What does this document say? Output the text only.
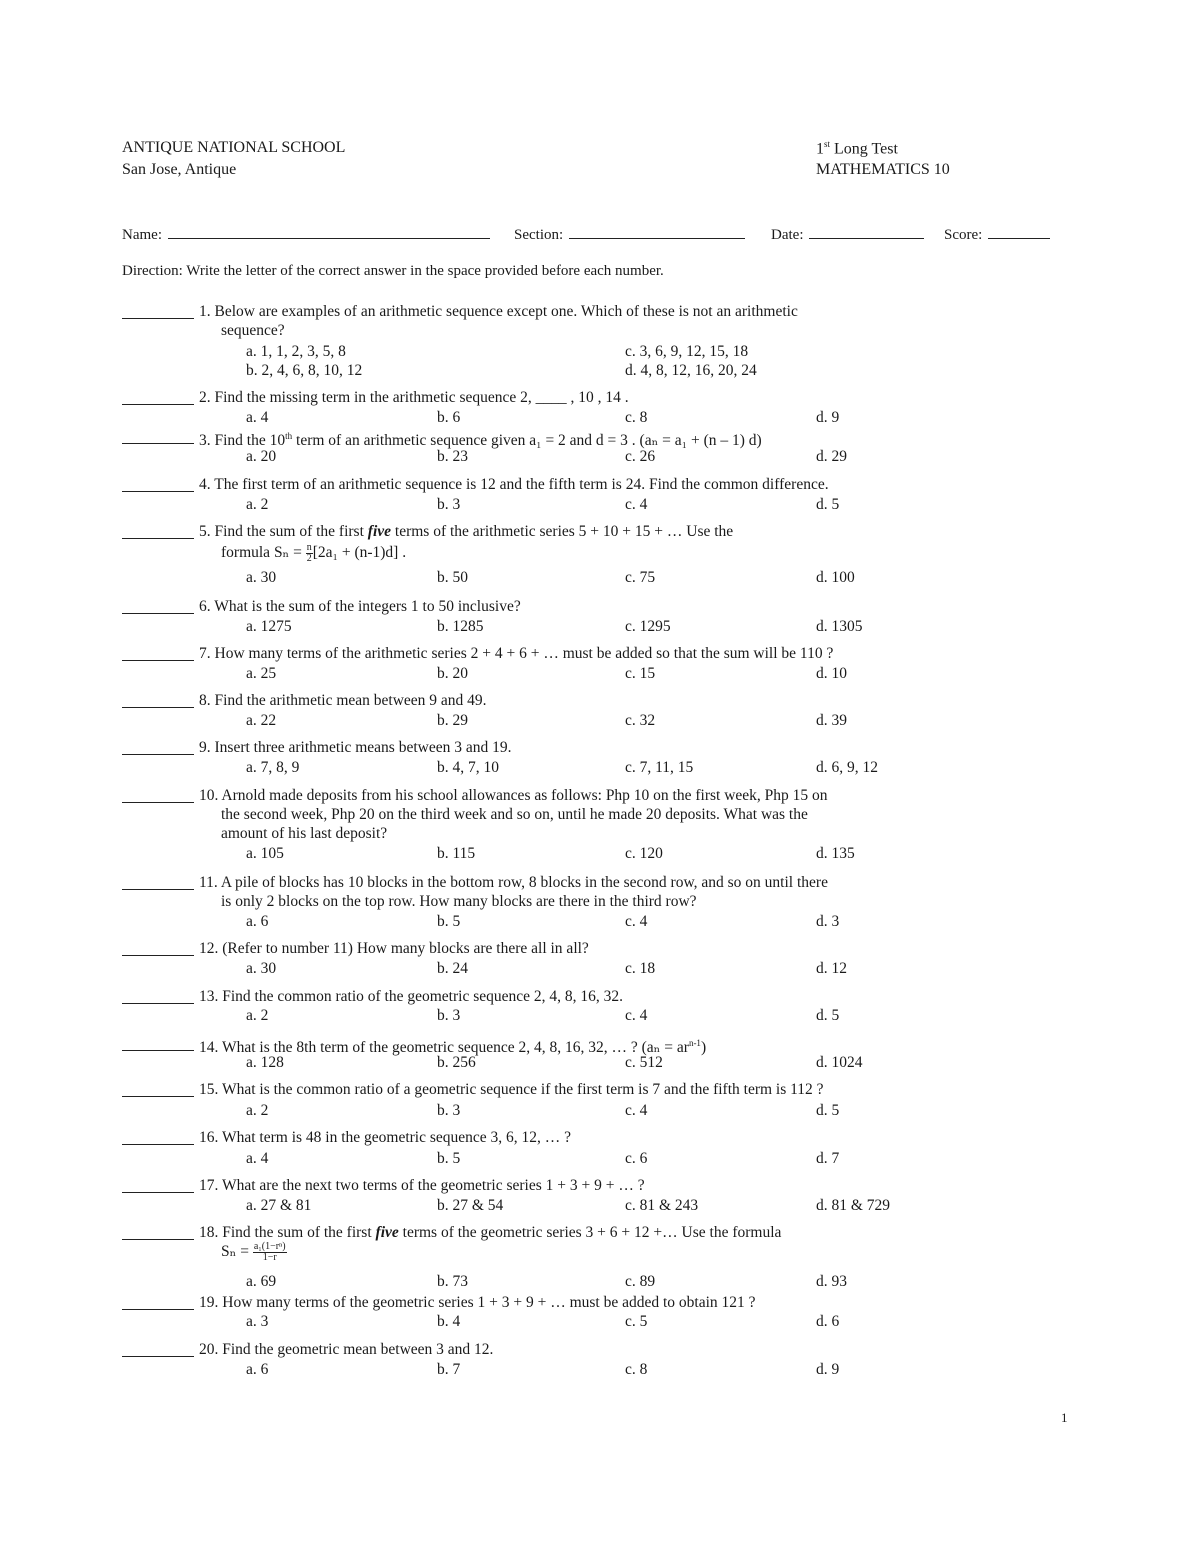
ANTIQUE NATIONAL SCHOOL
San Jose, Antique
1st Long Test
MATHEMATICS 10
Name:	Section:	Date:	Score:
Direction: Write the letter of the correct answer in the space provided before each number.
1. Below are examples of an arithmetic sequence except one. Which of these is not an arithmetic
sequence?
a. 1, 1, 2, 3, 5, 8
b. 2, 4, 6, 8, 10, 12
c. 3, 6, 9, 12, 15, 18
d. 4, 8, 12, 16, 20, 24
2. Find the missing term in the arithmetic sequence 2, ____ , 10 , 14 .
a. 4	b. 6	c. 8	d. 9
3. Find the 10th term of an arithmetic sequence given a₁ = 2 and d = 3 . (aₙ = a₁ + (n – 1) d)
a. 20	b. 23	c. 26	d. 29
4. The first term of an arithmetic sequence is 12 and the fifth term is 24. Find the common difference.
a. 2	b. 3	c. 4	d. 5
5. Find the sum of the first five terms of the arithmetic series 5 + 10 + 15 + … Use the
formula $S_n = \frac{n}{2} [2a_1 + (n-1)d]$ .
a. 30	b. 50	c. 75	d. 100
6. What is the sum of the integers 1 to 50 inclusive?
a. 1275	b. 1285	c. 1295	d. 1305
7. How many terms of the arithmetic series 2 + 4 + 6 + … must be added so that the sum will be 110 ?
a. 25	b. 20	c. 15	d. 10
8. Find the arithmetic mean between 9 and 49.
a. 22	b. 29	c. 32	d. 39
9. Insert three arithmetic means between 3 and 19.
a. 7, 8, 9	b. 4, 7, 10	c. 7, 11, 15	d. 6, 9, 12
10. Arnold made deposits from his school allowances as follows: Php 10 on the first week, Php 15 on
the second week, Php 20 on the third week and so on, until he made 20 deposits. What was the
amount of his last deposit?
a. 105	b. 115	c. 120	d. 135
11. A pile of blocks has 10 blocks in the bottom row, 8 blocks in the second row, and so on until there
is only 2 blocks on the top row. How many blocks are there in the third row?
a. 6	b. 5	c. 4	d. 3
12. (Refer to number 11) How many blocks are there all in all?
a. 30	b. 24	c. 18	d. 12
13. Find the common ratio of the geometric sequence 2, 4, 8, 16, 32.
a. 2	b. 3	c. 4	d. 5
14. What is the 8th term of the geometric sequence 2, 4, 8, 16, 32, … ? $(a_n = ar^{n-1})$
a. 128	b. 256	c. 512	d. 1024
15. What is the common ratio of a geometric sequence if the first term is 7 and the fifth term is 112 ?
a. 2	b. 3	c. 4	d. 5
16. What term is 48 in the geometric sequence 3, 6, 12, … ?
a. 4	b. 5	c. 6	d. 7
17. What are the next two terms of the geometric series 1 + 3 + 9 + … ?
a. 27 & 81	b. 27 & 54	c. 81 & 243	d. 81 & 729
18. Find the sum of the first five terms of the geometric series 3 + 6 + 12 +… Use the formula
$S_n = \frac{\text{a₁(1−rⁿ)}}{1-r}$
a. 69	b. 73	c. 89	d. 93
19. How many terms of the geometric series 1 + 3 + 9 + … must be added to obtain 121 ?
a. 3	b. 4	c. 5	d. 6
20. Find the geometric mean between 3 and 12.
a. 6	b. 7	c. 8	d. 9
1
